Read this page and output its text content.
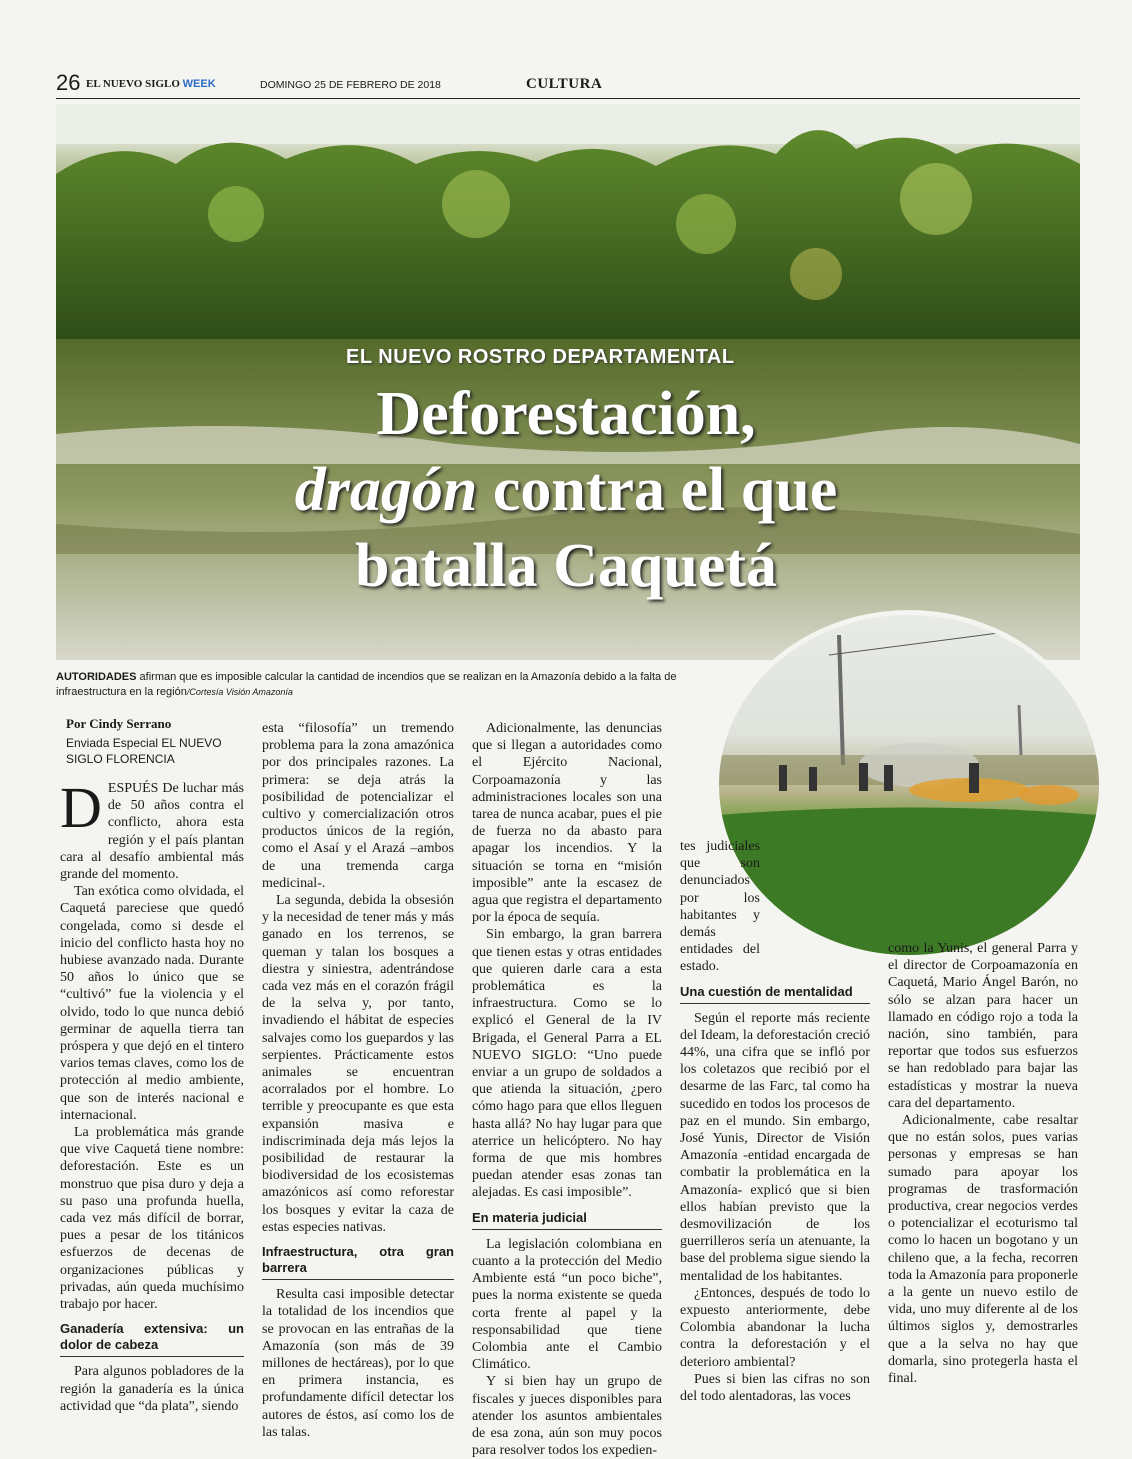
26 EL NUEVO SIGLO WEEK	DOMINGO 25 DE FEBRERO DE 2018	CULTURA
EL NUEVO ROSTRO DEPARTAMENTAL
Deforestación,
dragón contra el que
batalla Caquetá
AUTORIDADES afirman que es imposible calcular la cantidad de incendios que se realizan en la Amazonía debido a la falta de infraestructura en la región/Cortesía Visión Amazonía
Por Cindy Serrano
Enviada Especial EL NUEVO SIGLO FLORENCIA

DESPUÉS De luchar más de 50 años contra el conflicto, ahora esta región y el país plantan cara al desafío ambiental más grande del momento.

Tan exótica como olvidada, el Caquetá pareciese que quedó congelada, como si desde el inicio del conflicto hasta hoy no hubiese avanzado nada. Durante 50 años lo único que se “cultivó” fue la violencia y el olvido, todo lo que nunca debió germinar de aquella tierra tan próspera y que dejó en el tintero varios temas claves, como los de protección al medio ambiente, que son de interés nacional e internacional.

La problemática más grande que vive Caquetá tiene nombre: deforestación. Este es un monstruo que pisa duro y deja a su paso una profunda huella, cada vez más difícil de borrar, pues a pesar de los titánicos esfuerzos de decenas de organizaciones públicas y privadas, aún queda muchísimo trabajo por hacer.

Ganadería extensiva: un dolor de cabeza

Para algunos pobladores de la región la ganadería es la única actividad que “da plata”, siendo

esta “filosofía” un tremendo problema para la zona amazónica por dos principales razones. La primera: se deja atrás la posibilidad de potencializar el cultivo y comercialización otros productos únicos de la región, como el Asaí y el Arazá –ambos de una tremenda carga medicinal-.

La segunda, debida la obsesión y la necesidad de tener más y más ganado en los terrenos, se queman y talan los bosques a diestra y siniestra, adentrándose cada vez más en el corazón frágil de la selva y, por tanto, invadiendo el hábitat de especies salvajes como los guepardos y las serpientes. Prácticamente estos animales se encuentran acorralados por el hombre. Lo terrible y preocupante es que esta expansión masiva e indiscriminada deja más lejos la posibilidad de restaurar la biodiversidad de los ecosistemas amazónicos así como reforestar los bosques y evitar la caza de estas especies nativas.

Infraestructura, otra gran barrera

Resulta casi imposible detectar la totalidad de los incendios que se provocan en las entrañas de la Amazonía (son más de 39 millones de hectáreas), por lo que en primera instancia, es profundamente difícil detectar los autores de éstos, así como los de las talas.

Adicionalmente, las denuncias que si llegan a autoridades como el Ejército Nacional, Corpoamazonía y las administraciones locales son una tarea de nunca acabar, pues el pie de fuerza no da abasto para apagar los incendios. Y la situación se torna en “misión imposible” ante la escasez de agua que registra el departamento por la época de sequía.

Sin embargo, la gran barrera que tienen estas y otras entidades que quieren darle cara a esta problemática es la infraestructura. Como se lo explicó el General de la IV Brigada, el General Parra a EL NUEVO SIGLO: “Uno puede enviar a un grupo de soldados a que atienda la situación, ¿pero cómo hago para que ellos lleguen hasta allá? No hay lugar para que aterrice un helicóptero. No hay forma de que mis hombres puedan atender esas zonas tan alejadas. Es casi imposible”.

En materia judicial

La legislación colombiana en cuanto a la protección del Medio Ambiente está “un poco biche”, pues la norma existente se queda corta frente al papel y la responsabilidad que tiene Colombia ante el Cambio Climático.

Y si bien hay un grupo de fiscales y jueces disponibles para atender los asuntos ambientales de esa zona, aún son muy pocos para resolver todos los expedien-

tes judiciales que son denunciados por los habitantes y demás entidades del estado.

Una cuestión de mentalidad

Según el reporte más reciente del Ideam, la deforestación creció 44%, una cifra que se infló por los coletazos que recibió por el desarme de las Farc, tal como ha sucedido en todos los procesos de paz en el mundo. Sin embargo, José Yunis, Director de Visión Amazonía -entidad encargada de combatir la problemática en la Amazonía- explicó que si bien ellos habían previsto que la desmovilización de los guerrilleros sería un atenuante, la base del problema sigue siendo la mentalidad de los habitantes.

¿Entonces, después de todo lo expuesto anteriormente, debe Colombia abandonar la lucha contra la deforestación y el deterioro ambiental?

Pues si bien las cifras no son del todo alentadoras, las voces

como la Yunis, el general Parra y el director de Corpoamazonía en Caquetá, Mario Ángel Barón, no sólo se alzan para hacer un llamado en código rojo a toda la nación, sino también, para reportar que todos sus esfuerzos se han redoblado para bajar las estadísticas y mostrar la nueva cara del departamento.

Adicionalmente, cabe resaltar que no están solos, pues varias personas y empresas se han sumado para apoyar los programas de trasformación productiva, crear negocios verdes o potencializar el ecoturismo tal como lo hacen un bogotano y un chileno que, a la fecha, recorren toda la Amazonía para proponerle a la gente un nuevo estilo de vida, uno muy diferente al de los últimos siglos y, demostrarles que a la selva no hay que domarla, sino protegerla hasta el final.
